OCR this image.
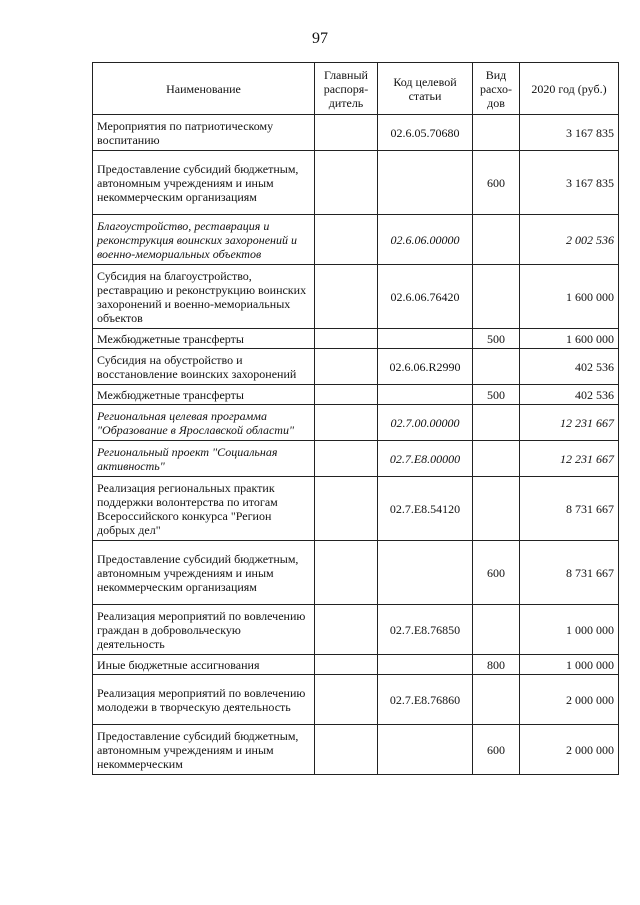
97
Наименование	Главный распоря-дитель	Код целевой статьи	Вид расхо-дов	2020 год (руб.)
Мероприятия по патриотическому воспитанию		02.6.05.70680		3 167 835
Предоставление субсидий бюджетным, автономным учреждениям и иным некоммерческим организациям			600	3 167 835
Благоустройство, реставрация и реконструкция воинских захоронений и военно-мемориальных объектов		02.6.06.00000		2 002 536
Субсидия на благоустройство, реставрацию и реконструкцию воинских захоронений и военно-мемориальных объектов		02.6.06.76420		1 600 000
Межбюджетные трансферты			500	1 600 000
Субсидия на обустройство и восстановление воинских захоронений		02.6.06.R2990		402 536
Межбюджетные трансферты			500	402 536
Региональная целевая программа "Образование в Ярославской области"		02.7.00.00000		12 231 667
Региональный проект "Социальная активность"		02.7.E8.00000		12 231 667
Реализация региональных практик поддержки волонтерства по итогам Всероссийского конкурса "Регион добрых дел"		02.7.E8.54120		8 731 667
Предоставление субсидий бюджетным, автономным учреждениям и иным некоммерческим организациям			600	8 731 667
Реализация мероприятий по вовлечению граждан в добровольческую деятельность		02.7.E8.76850		1 000 000
Иные бюджетные ассигнования			800	1 000 000
Реализация мероприятий по вовлечению молодежи в творческую деятельность		02.7.E8.76860		2 000 000
Предоставление субсидий бюджетным, автономным учреждениям и иным некоммерческим			600	2 000 000
